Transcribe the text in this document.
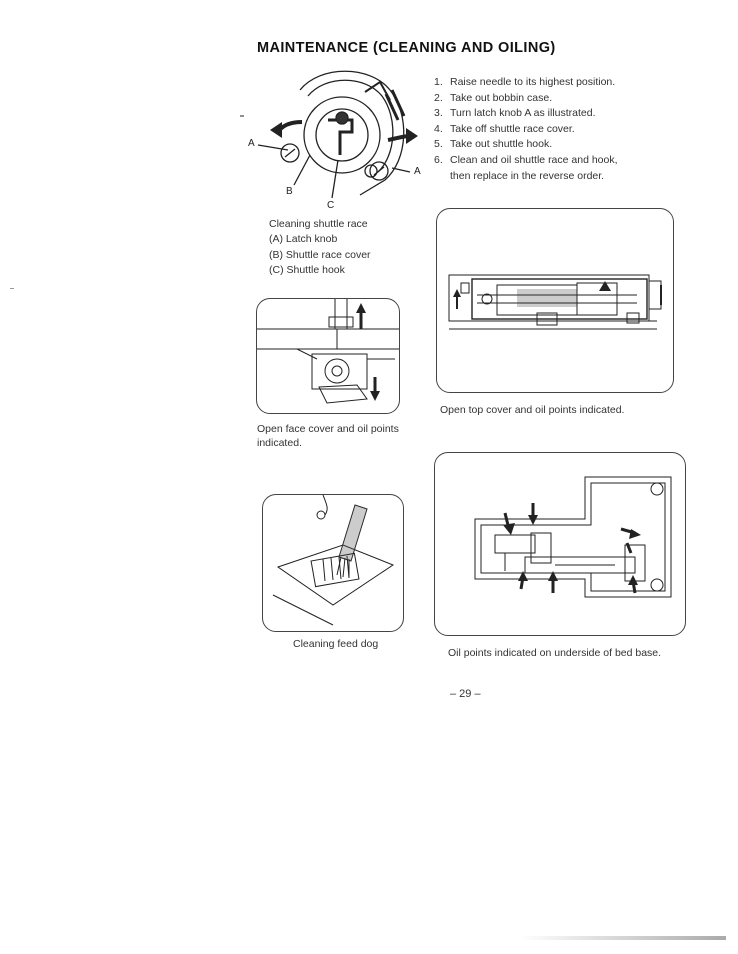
MAINTENANCE (CLEANING AND OILING)
1. Raise needle to its highest position.
2. Take out bobbin case.
3. Turn latch knob A as illustrated.
4. Take off shuttle race cover.
5. Take out shuttle hook.
6. Clean and oil shuttle race and hook,
then replace in the reverse order.
A
A
B
C
Cleaning shuttle race
(A) Latch knob
(B) Shuttle race cover
(C) Shuttle hook
Open top cover and oil points indicated.
Open face cover and oil points
indicated.
Cleaning feed dog
Oil points indicated on underside of bed base.
– 29 –
